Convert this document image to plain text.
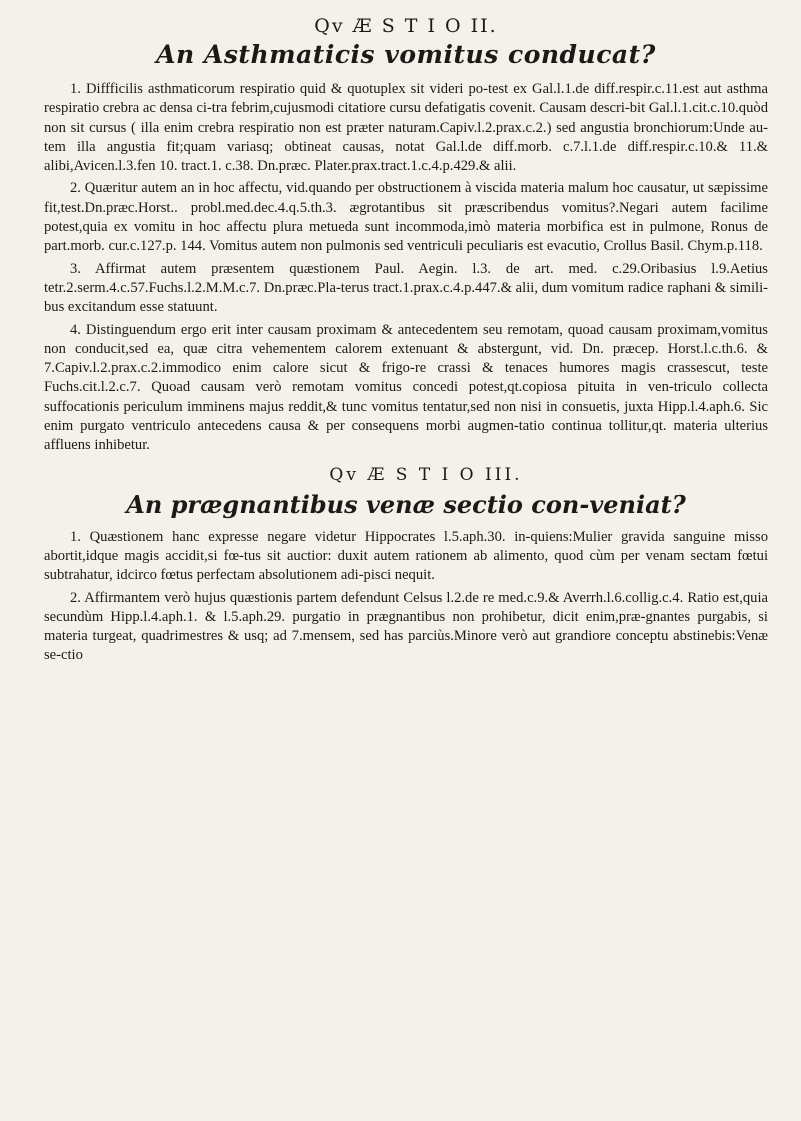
Qv Æ S T I O II.
An Asthmaticis vomitus conducat?

1. Diffficilis asthmaticorum respiratio quid & quotuplex sit videri po-test ex Gal.l.1.de diff.respir.c.11.est aut asthma respiratio crebra ac densa ci-tra febrim,cujusmodi citatiore cursu defatigatis covenit. Causam descri-bit Gal.l.1.cit.c.10.quòd non sit cursus ( illa enim crebra respiratio non est præter naturam.Capiv.l.2.prax.c.2.) sed angustia bronchiorum:Unde au-tem illa angustia fit;quam variasq; obtineat causas, notat Gal.l.de diff.morb. c.7.l.1.de diff.respir.c.10.& 11.& alibi,Avicen.l.3.fen 10. tract.1. c.38. Dn.præc. Plater.prax.tract.1.c.4.p.429.& alii.

2. Quæritur autem an in hoc affectu, vid.quando per obstructionem à viscida materia malum hoc causatur, ut sæpissime fit,test.Dn.præc.Horst.. probl.med.dec.4.q.5.th.3. ægrotantibus sit præscribendus vomitus?.Negari autem facilime potest,quia ex vomitu in hoc affectu plura metueda sunt incommoda,imò materia morbifica est in pulmone, Ronus de part.morb. cur.c.127.p. 144. Vomitus autem non pulmonis sed ventriculi peculiaris est evacutio, Crollus Basil. Chym.p.118.

3. Affirmat autem præsentem quæstionem Paul. Aegin. l.3. de art. med. c.29.Oribasius l.9.Aetius tetr.2.serm.4.c.57.Fuchs.l.2.M.M.c.7. Dn.præc.Pla-terus tract.1.prax.c.4.p.447.& alii, dum vomitum radice raphani & simili-bus excitandum esse statuunt.

4. Distinguendum ergo erit inter causam proximam & antecedentem seu remotam, quoad causam proximam,vomitus non conducit,sed ea, quæ citra vehementem calorem extenuant & abstergunt, vid. Dn. præcep. Horst.l.c.th.6. & 7.Capiv.l.2.prax.c.2.immodico enim calore sicut & frigo-re crassi & tenaces humores magis crassescut, teste Fuchs.cit.l.2.c.7. Quoad causam verò remotam vomitus concedi potest,qt.copiosa pituita in ven-triculo collecta suffocationis periculum imminens majus reddit,& tunc vomitus tentatur,sed non nisi in consuetis, juxta Hipp.l.4.aph.6. Sic enim purgato ventriculo antecedens causa & per consequens morbi augmen-tatio continua tollitur,qt. materia ulterius affluens inhibetur.

Qv Æ S T I O III.
An prægnantibus venæ sectio con-veniat?

1. Quæstionem hanc expresse negare videtur Hippocrates l.5.aph.30. in-quiens:Mulier gravida sanguine misso abortit,idque magis accidit,si fœ-tus sit auctior: duxit autem rationem ab alimento, quod cùm per venam sectam fœtui subtrahatur, idcirco fœtus perfectam absolutionem adi-pisci nequit.

2. Affirmantem verò hujus quæstionis partem defendunt Celsus l.2.de re med.c.9.& Averrh.l.6.collig.c.4. Ratio est,quia secundùm Hipp.l.4.aph.1. & l.5.aph.29. purgatio in prægnantibus non prohibetur, dicit enim,præ-gnantes purgabis, si materia turgeat, quadrimestres & usq; ad 7.mensem, sed has parciùs.Minore verò aut grandiore conceptu abstinebis:Venæ se-ctio
